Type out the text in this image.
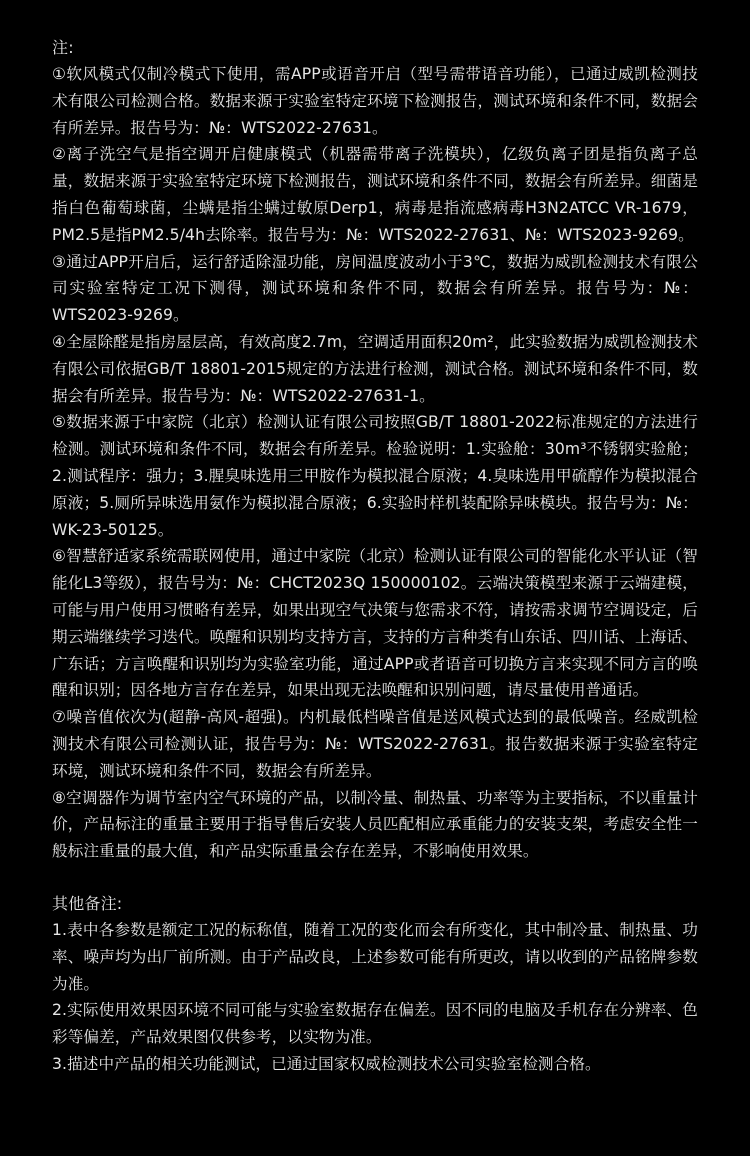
注:
①软风模式仅制冷模式下使用，需APP或语音开启（型号需带语音功能），已通过威凯检测技术有限公司检测合格。数据来源于实验室特定环境下检测报告，测试环境和条件不同，数据会有所差异。报告号为：№：WTS2022-27631。
②离子洗空气是指空调开启健康模式（机器需带离子洗模块），亿级负离子团是指负离子总量，数据来源于实验室特定环境下检测报告，测试环境和条件不同，数据会有所差异。细菌是指白色葡萄球菌，尘螨是指尘螨过敏原Derp1，病毒是指流感病毒H3N2ATCC VR-1679，PM2.5是指PM2.5/4h去除率。报告号为：№：WTS2022-27631、№：WTS2023-9269。
③通过APP开启后，运行舒适除湿功能，房间温度波动小于3℃，数据为威凯检测技术有限公司实验室特定工况下测得，测试环境和条件不同，数据会有所差异。报告号为：№：WTS2023-9269。
④全屋除醛是指房屋层高，有效高度2.7m，空调适用面积20m²，此实验数据为威凯检测技术有限公司依据GB/T 18801-2015规定的方法进行检测，测试合格。测试环境和条件不同，数据会有所差异。报告号为：№：WTS2022-27631-1。
⑤数据来源于中家院（北京）检测认证有限公司按照GB/T 18801-2022标准规定的方法进行检测。测试环境和条件不同，数据会有所差异。检验说明：1.实验舱：30m³不锈钢实验舱；2.测试程序：强力；3.腥臭味选用三甲胺作为模拟混合原液；4.臭味选用甲硫醇作为模拟混合原液；5.厕所异味选用氨作为模拟混合原液；6.实验时样机装配除异味模块。报告号为：№：WK-23-50125。
⑥智慧舒适家系统需联网使用，通过中家院（北京）检测认证有限公司的智能化水平认证（智能化L3等级），报告号为：№：CHCT2023Q 150000102。云端决策模型来源于云端建模，可能与用户使用习惯略有差异，如果出现空气决策与您需求不符，请按需求调节空调设定，后期云端继续学习迭代。唤醒和识别均支持方言，支持的方言种类有山东话、四川话、上海话、广东话；方言唤醒和识别均为实验室功能，通过APP或者语音可切换方言来实现不同方言的唤醒和识别；因各地方言存在差异，如果出现无法唤醒和识别问题，请尽量使用普通话。
⑦噪音值依次为(超静-高风-超强)。内机最低档噪音值是送风模式达到的最低噪音。经威凯检测技术有限公司检测认证，报告号为：№：WTS2022-27631。报告数据来源于实验室特定环境，测试环境和条件不同，数据会有所差异。
⑧空调器作为调节室内空气环境的产品，以制冷量、制热量、功率等为主要指标，不以重量计价，产品标注的重量主要用于指导售后安装人员匹配相应承重能力的安装支架，考虑安全性一般标注重量的最大值，和产品实际重量会存在差异，不影响使用效果。
其他备注:
1.表中各参数是额定工况的标称值，随着工况的变化而会有所变化，其中制冷量、制热量、功率、噪声均为出厂前所测。由于产品改良，上述参数可能有所更改，请以收到的产品铭牌参数为准。
2.实际使用效果因环境不同可能与实验室数据存在偏差。因不同的电脑及手机存在分辨率、色彩等偏差，产品效果图仅供参考，以实物为准。
3.描述中产品的相关功能测试，已通过国家权威检测技术公司实验室检测合格。
